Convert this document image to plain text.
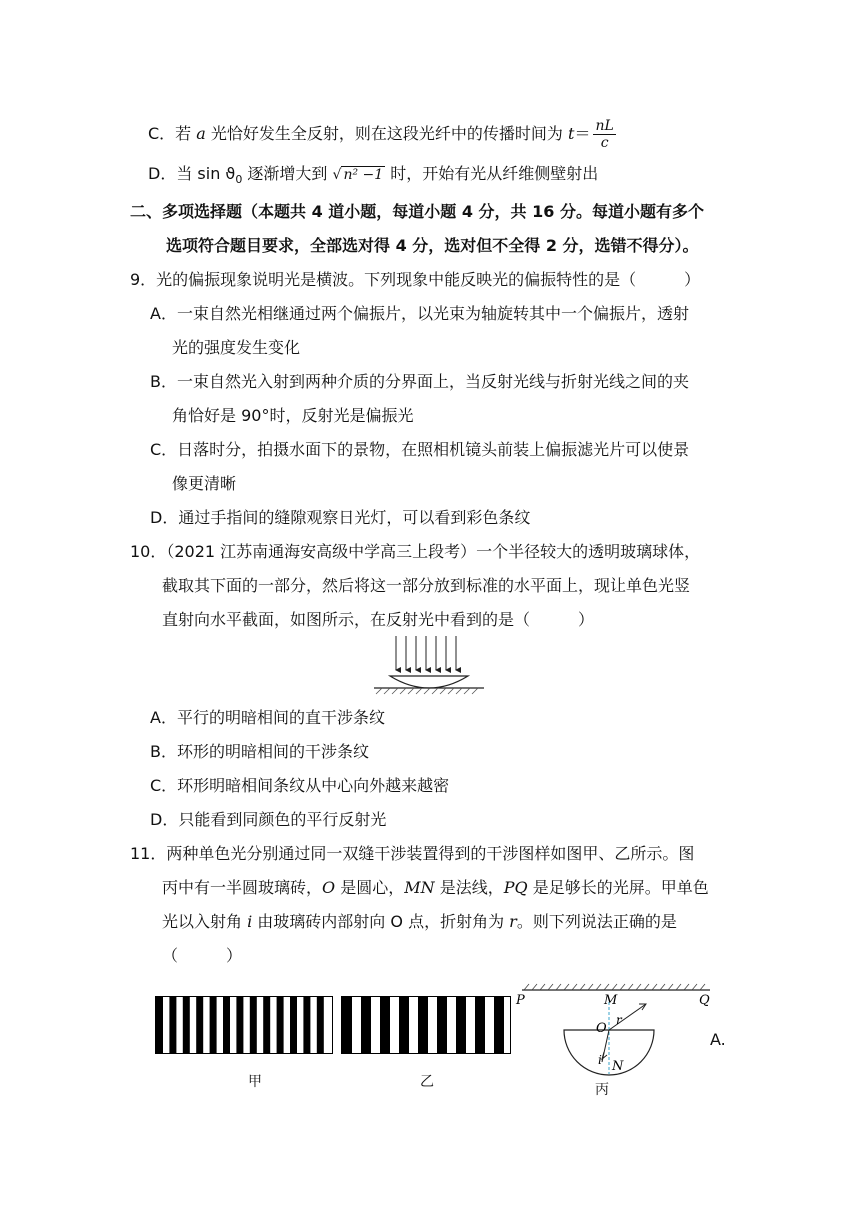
C．若 a 光恰好发生全反射，则在这段光纤中的传播时间为 $t= \frac{nL}{c}$
D．当 $\sin ϑ_0$ 逐渐增大到 √ n² −1 时，开始有光从纤维侧壁射出
二、多项选择题（本题共 4 道小题，每道小题 4 分，共 16 分。每道小题有多个
选项符合题目要求，全部选对得 4 分，选对但不全得 2 分，选错不得分）。
9．光的偏振现象说明光是横波。下列现象中能反映光的偏振特性的是（　　　）
A．一束自然光相继通过两个偏振片，以光束为轴旋转其中一个偏振片，透射
光的强度发生变化
B．一束自然光入射到两种介质的分界面上，当反射光线与折射光线之间的夹
角恰好是 90°时，反射光是偏振光
C．日落时分，拍摄水面下的景物，在照相机镜头前装上偏振滤光片可以使景
像更清晰
D．通过手指间的缝隙观察日光灯，可以看到彩色条纹
10．（2021 江苏南通海安高级中学高三上段考）一个半径较大的透明玻璃球体，
截取其下面的一部分，然后将这一部分放到标准的水平面上，现让单色光竖
直射向水平截面，如图所示，在反射光中看到的是（　　　）
A．平行的明暗相间的直干涉条纹
B．环形的明暗相间的干涉条纹
C．环形明暗相间条纹从中心向外越来越密
D．只能看到同颜色的平行反射光
11．两种单色光分别通过同一双缝干涉装置得到的干涉图样如图甲、乙所示。图
丙中有一半圆玻璃砖，O 是圆心，MN 是法线，PQ 是足够长的光屏。甲单色
光以入射角 i 由玻璃砖内部射向 O 点，折射角为 r。则下列说法正确的是
（　　　）
甲	乙
P	Q
M
O
r
i N
丙
A.
